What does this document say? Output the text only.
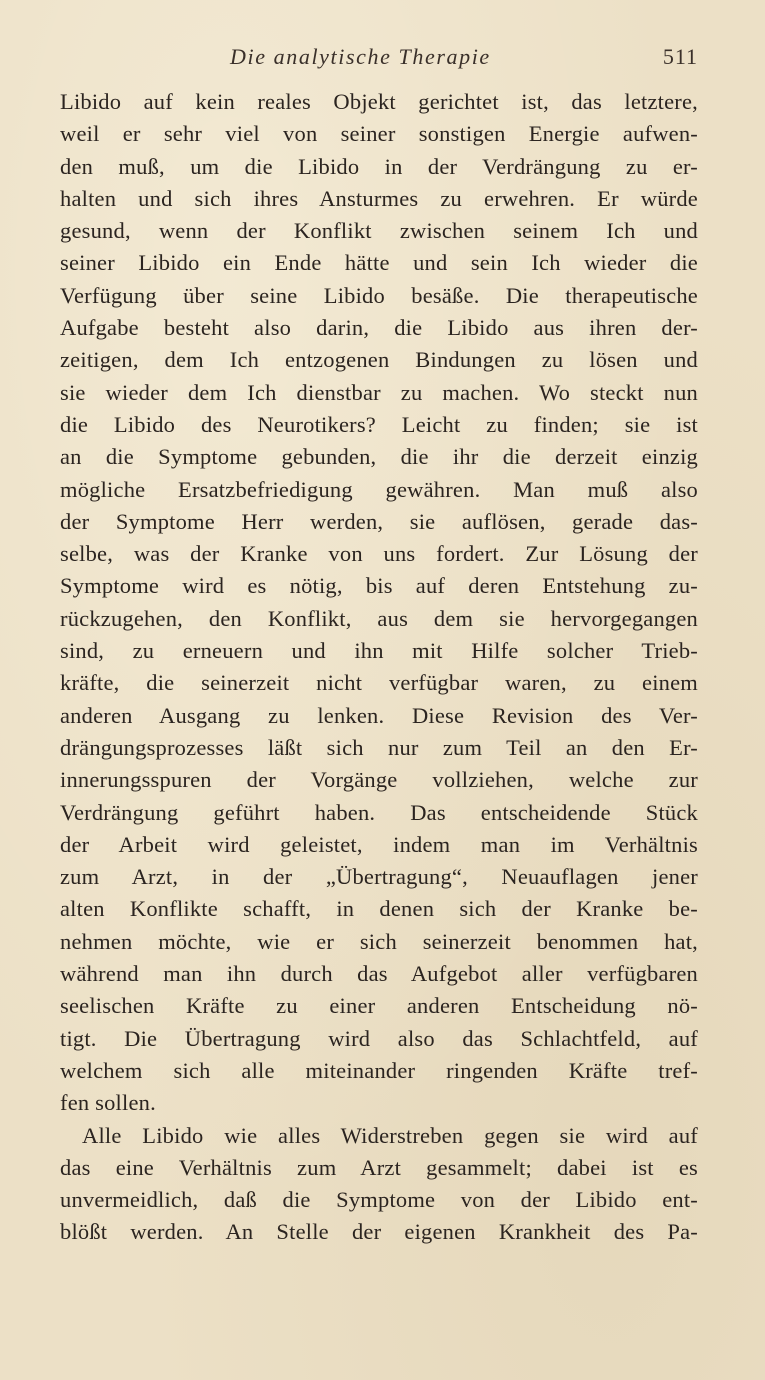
Die analytische Therapie	511
Libido auf kein reales Objekt gerichtet ist, das letztere,
weil er sehr viel von seiner sonstigen Energie aufwen-
den muß, um die Libido in der Verdrängung zu er-
halten und sich ihres Ansturmes zu erwehren. Er würde
gesund, wenn der Konflikt zwischen seinem Ich und
seiner Libido ein Ende hätte und sein Ich wieder die
Verfügung über seine Libido besäße. Die therapeutische
Aufgabe besteht also darin, die Libido aus ihren der-
zeitigen, dem Ich entzogenen Bindungen zu lösen und
sie wieder dem Ich dienstbar zu machen. Wo steckt nun
die Libido des Neurotikers? Leicht zu finden; sie ist
an die Symptome gebunden, die ihr die derzeit einzig
mögliche Ersatzbefriedigung gewähren. Man muß also
der Symptome Herr werden, sie auflösen, gerade das-
selbe, was der Kranke von uns fordert. Zur Lösung der
Symptome wird es nötig, bis auf deren Entstehung zu-
rückzugehen, den Konflikt, aus dem sie hervorgegangen
sind, zu erneuern und ihn mit Hilfe solcher Trieb-
kräfte, die seinerzeit nicht verfügbar waren, zu einem
anderen Ausgang zu lenken. Diese Revision des Ver-
drängungsprozesses läßt sich nur zum Teil an den Er-
innerungsspuren der Vorgänge vollziehen, welche zur
Verdrängung geführt haben. Das entscheidende Stück
der Arbeit wird geleistet, indem man im Verhältnis
zum Arzt, in der „Übertragung“, Neuauflagen jener
alten Konflikte schafft, in denen sich der Kranke be-
nehmen möchte, wie er sich seinerzeit benommen hat,
während man ihn durch das Aufgebot aller verfügbaren
seelischen Kräfte zu einer anderen Entscheidung nö-
tigt. Die Übertragung wird also das Schlachtfeld, auf
welchem sich alle miteinander ringenden Kräfte tref-
fen sollen.
Alle Libido wie alles Widerstreben gegen sie wird auf
das eine Verhältnis zum Arzt gesammelt; dabei ist es
unvermeidlich, daß die Symptome von der Libido ent-
blößt werden. An Stelle der eigenen Krankheit des Pa-
